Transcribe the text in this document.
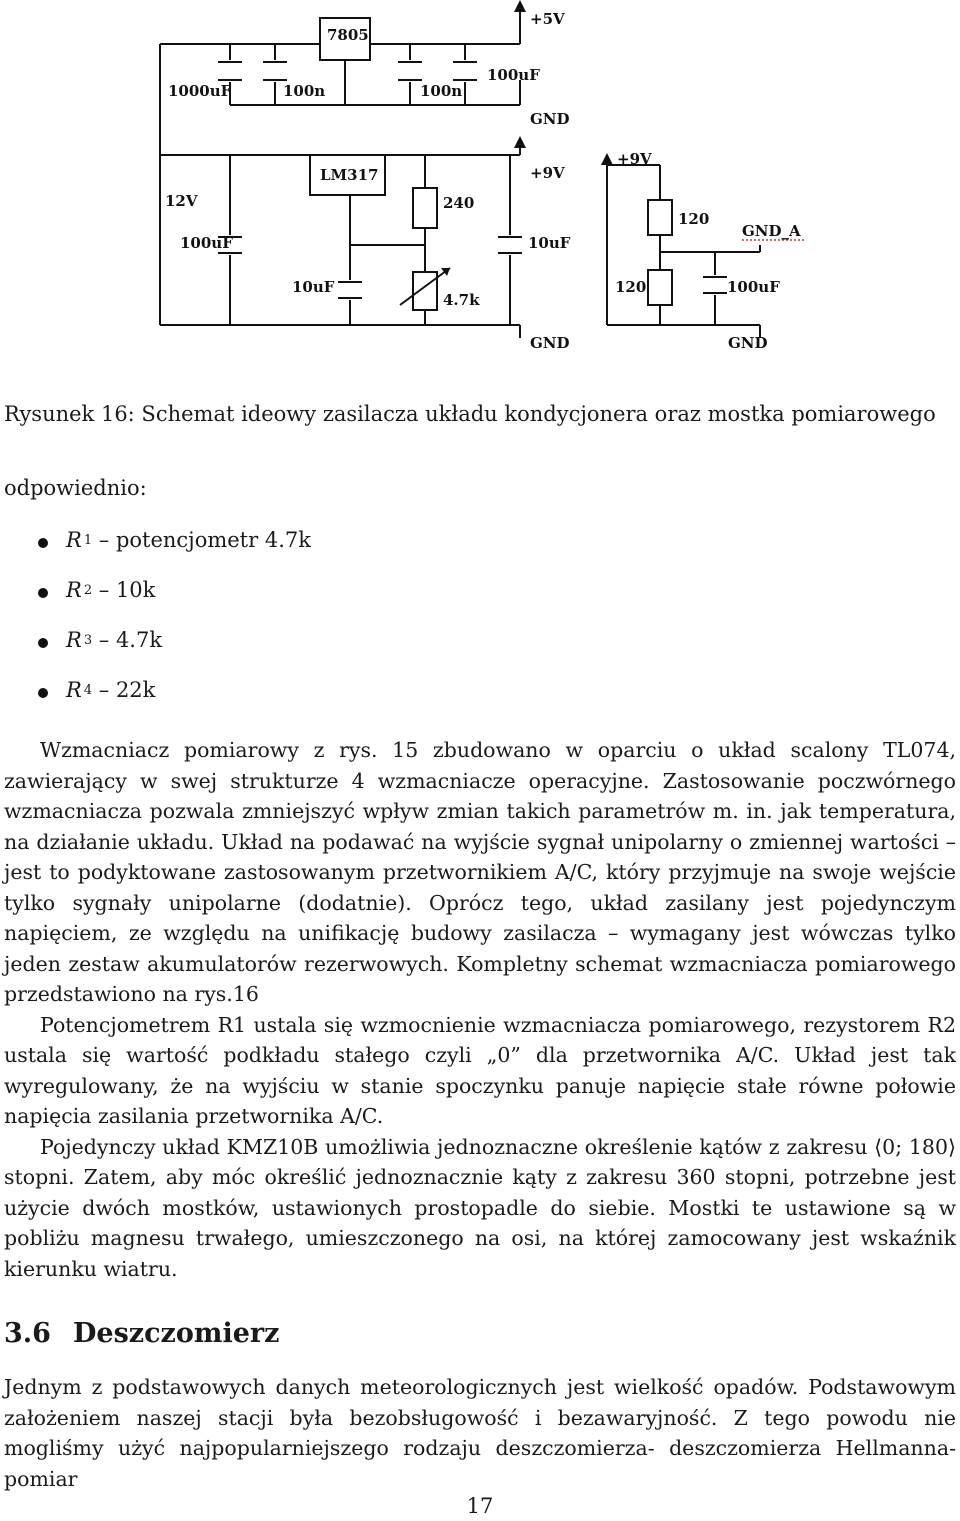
7805
+5V
1000uF	100n	100n
100uF
GND
LM317
240
+9V
12V
100uF	10uF
10uF
4.7k
GND
+9V
120
GND_A
120	100uF
GND
Rysunek 16: Schemat ideowy zasilacza układu kondycjonera oraz mostka pomiarowego
odpowiednio:
R 1 – potencjometr 4.7k
R 2 – 10k
R 3 – 4.7k
R 4 – 22k

Wzmacniacz pomiarowy z rys. 15 zbudowano w oparciu o układ scalony TL074, zawierający w swej strukturze 4 wzmacniacze operacyjne. Zastosowanie poczwórnego wzmacniacza pozwala zmniejszyć wpływ zmian takich parametrów m. in. jak temperatura, na działanie układu. Układ na podawać na wyjście sygnał unipolarny o zmiennej wartości – jest to podyktowane zastosowanym przetwornikiem A/C, który przyjmuje na swoje wejście tylko sygnały unipolarne (dodatnie). Oprócz tego, układ zasilany jest pojedynczym napięciem, ze względu na unifikację budowy zasilacza – wymagany jest wówczas tylko jeden zestaw akumulatorów rezerwowych. Kompletny schemat wzmacniacza pomiarowego przedstawiono na rys.16

Potencjometrem R1 ustala się wzmocnienie wzmacniacza pomiarowego, rezystorem R2 ustala się wartość podkładu stałego czyli „0” dla przetwornika A/C. Układ jest tak wyregulowany, że na wyjściu w stanie spoczynku panuje napięcie stałe równe połowie napięcia zasilania przetwornika A/C.

Pojedynczy układ KMZ10B umożliwia jednoznaczne określenie kątów z zakresu ⟨0; 180⟩ stopni. Zatem, aby móc określić jednoznacznie kąty z zakresu 360 stopni, potrzebne jest użycie dwóch mostków, ustawionych prostopadle do siebie. Mostki te ustawione są w pobliżu magnesu trwałego, umieszczonego na osi, na której zamocowany jest wskaźnik kierunku wiatru.

3.6 Deszczomierz

Jednym z podstawowych danych meteorologicznych jest wielkość opadów. Podstawowym założeniem naszej stacji była bezobsługowość i bezawaryjność. Z tego powodu nie mogliśmy użyć najpopularniejszego rodzaju deszczomierza- deszczomierza Hellmanna- pomiar

17
